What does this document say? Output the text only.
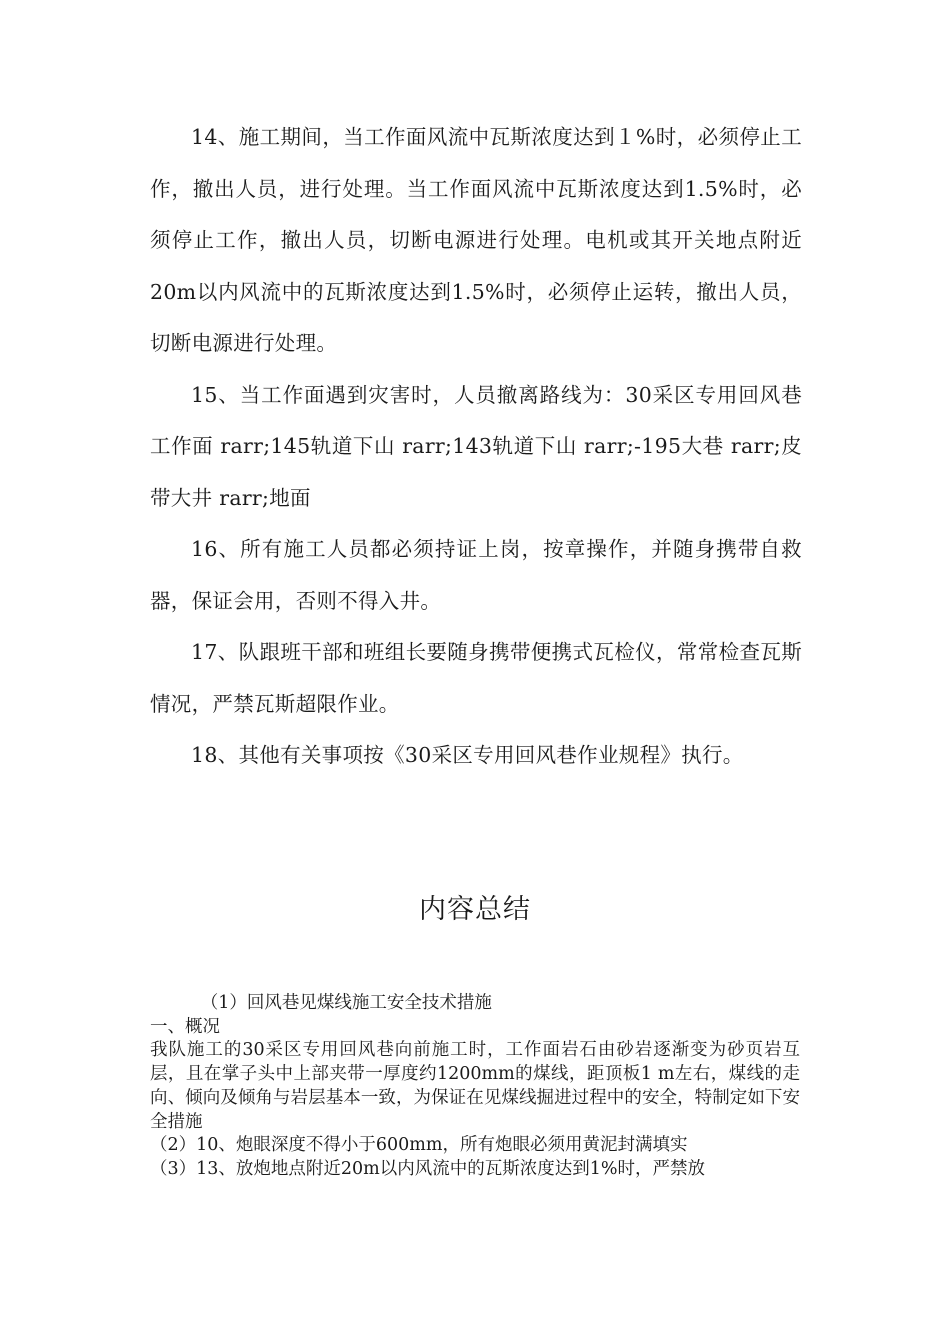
14、施工期间，当工作面风流中瓦斯浓度达到１%时，必须停止工作，撤出人员，进行处理。当工作面风流中瓦斯浓度达到1.5%时，必须停止工作，撤出人员，切断电源进行处理。电机或其开关地点附近20m以内风流中的瓦斯浓度达到1.5%时，必须停止运转，撤出人员，切断电源进行处理。

15、当工作面遇到灾害时，人员撤离路线为：30采区专用回风巷工作面 rarr;145轨道下山 rarr;143轨道下山 rarr;-195大巷 rarr;皮带大井 rarr;地面

16、所有施工人员都必须持证上岗，按章操作，并随身携带自救器，保证会用，否则不得入井。

17、队跟班干部和班组长要随身携带便携式瓦检仪，常常检查瓦斯情况，严禁瓦斯超限作业。

18、其他有关事项按《30采区专用回风巷作业规程》执行。

内容总结
（1）回风巷见煤线施工安全技术措施
一、概况
我队施工的30采区专用回风巷向前施工时，工作面岩石由砂岩逐渐变为砂页岩互层，且在掌子头中上部夹带一厚度约1200mm的煤线，距顶板1 m左右，煤线的走向、倾向及倾角与岩层基本一致，为保证在见煤线掘进过程中的安全，特制定如下安全措施
（2）10、炮眼深度不得小于600mm，所有炮眼必须用黄泥封满填实
（3）13、放炮地点附近20m以内风流中的瓦斯浓度达到1%时，严禁放
